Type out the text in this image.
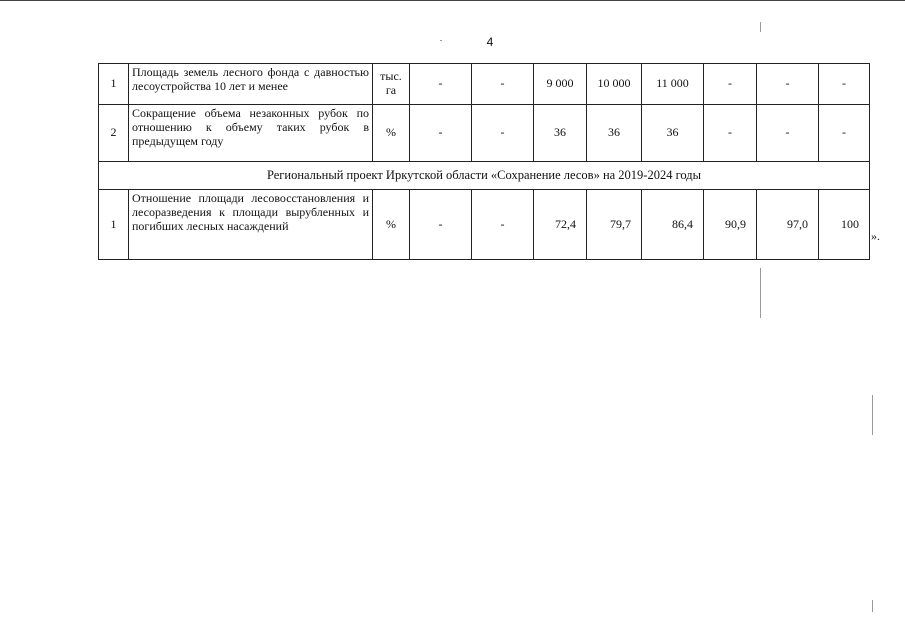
4
1	Площадь земель лесного фонда с давностью лесоустройства 10 лет и менее	тыс. га	-	-	9 000	10 000	11 000	-	-	-
2	Сокращение объема незаконных рубок по отношению к объему таких рубок в предыдущем году	%	-	-	36	36	36	-	-	-
Региональный проект Иркутской области «Сохранение лесов» на 2019-2024 годы										
1	Отношение площади лесовосстановления и лесоразведения к площади вырубленных и погибших лесных насаждений	%	-	-	72,4	79,7	86,4	90,9	97,0	100
».
